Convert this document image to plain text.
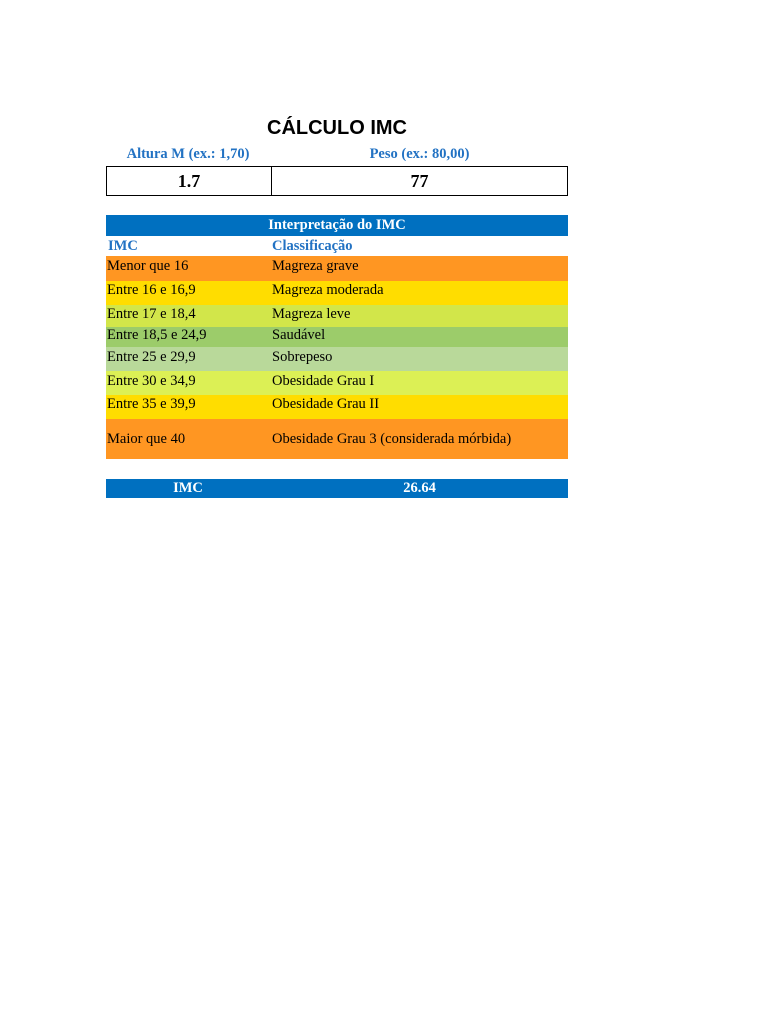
CÁLCULO IMC
Altura M (ex.: 1,70)	Peso (ex.: 80,00)
1.7	77
Interpretação do IMC
IMC	Classificação
Menor que 16	Magreza grave
Entre 16 e 16,9	Magreza moderada
Entre 17 e 18,4	Magreza leve
Entre 18,5 e 24,9	Saudável
Entre 25 e 29,9	Sobrepeso
Entre 30 e 34,9	Obesidade Grau I
Entre 35 e 39,9	Obesidade Grau II
Maior que 40	Obesidade Grau 3 (considerada mórbida)
IMC	26.64
